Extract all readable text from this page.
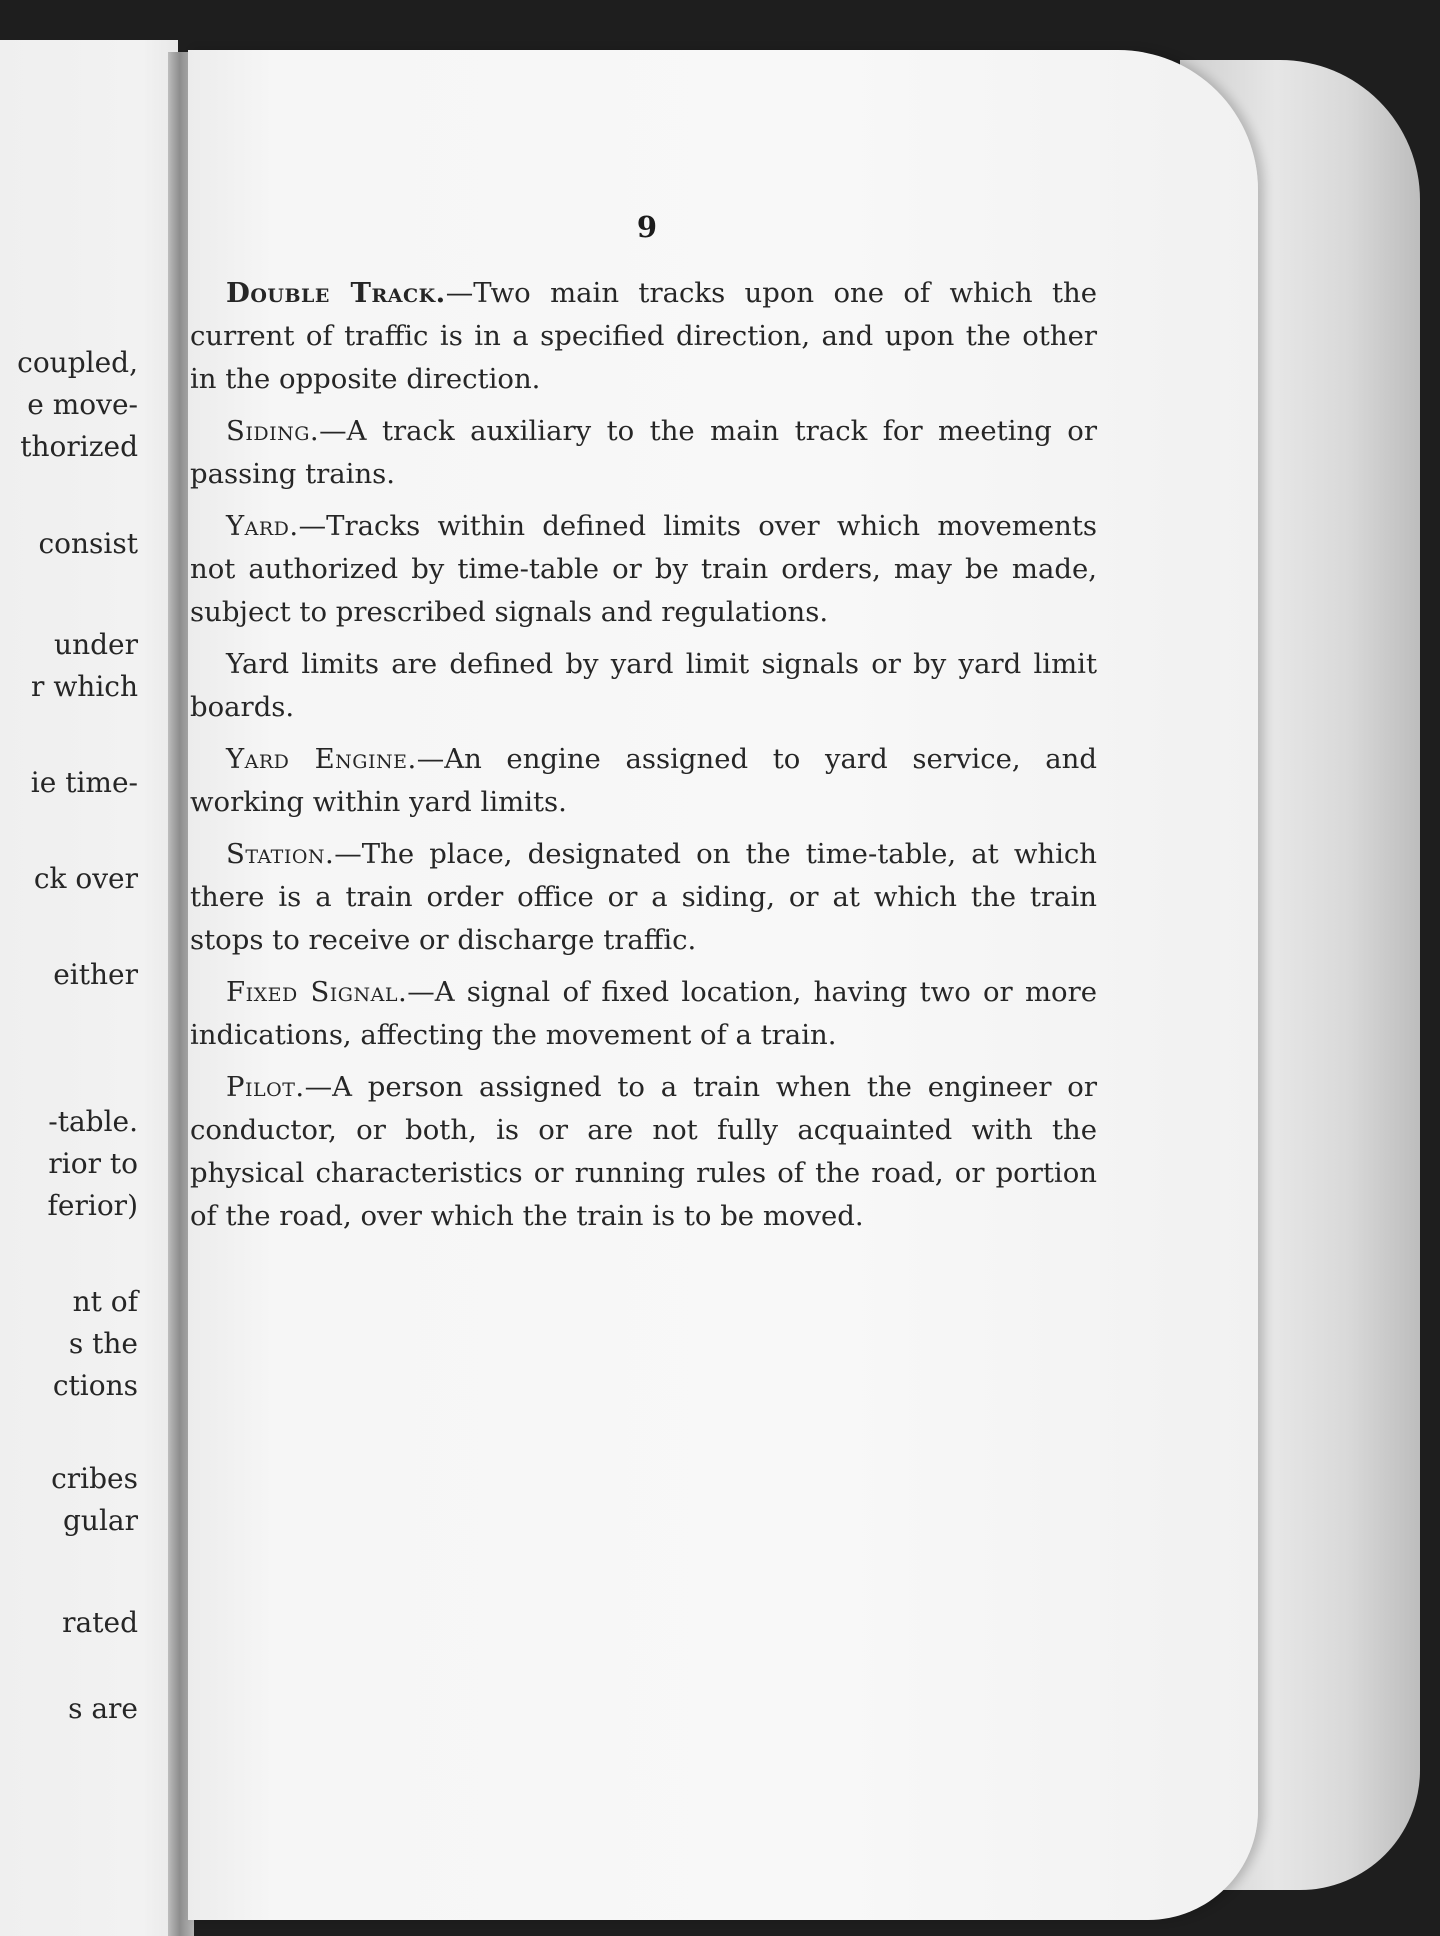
coupled,
e move-
thorized
consist
under
r which
ie time-
ck over
either
-table.
rior to
ferior)
nt of
s the
ctions
cribes
gular
rated
s are
9

Double Track.—Two main tracks upon one of which the current of traffic is in a specified direction, and upon the other in the opposite direction.

Siding.—A track auxiliary to the main track for meeting or passing trains.

Yard.—Tracks within defined limits over which movements not authorized by time-table or by train orders, may be made, subject to prescribed signals and regulations.

Yard limits are defined by yard limit signals or by yard limit boards.

Yard Engine.—An engine assigned to yard service, and working within yard limits.

Station.—The place, designated on the time-table, at which there is a train order office or a siding, or at which the train stops to receive or discharge traffic.

Fixed Signal.—A signal of fixed location, having two or more indications, affecting the movement of a train.

Pilot.—A person assigned to a train when the engineer or conductor, or both, is or are not fully acquainted with the physical characteristics or running rules of the road, or portion of the road, over which the train is to be moved.
